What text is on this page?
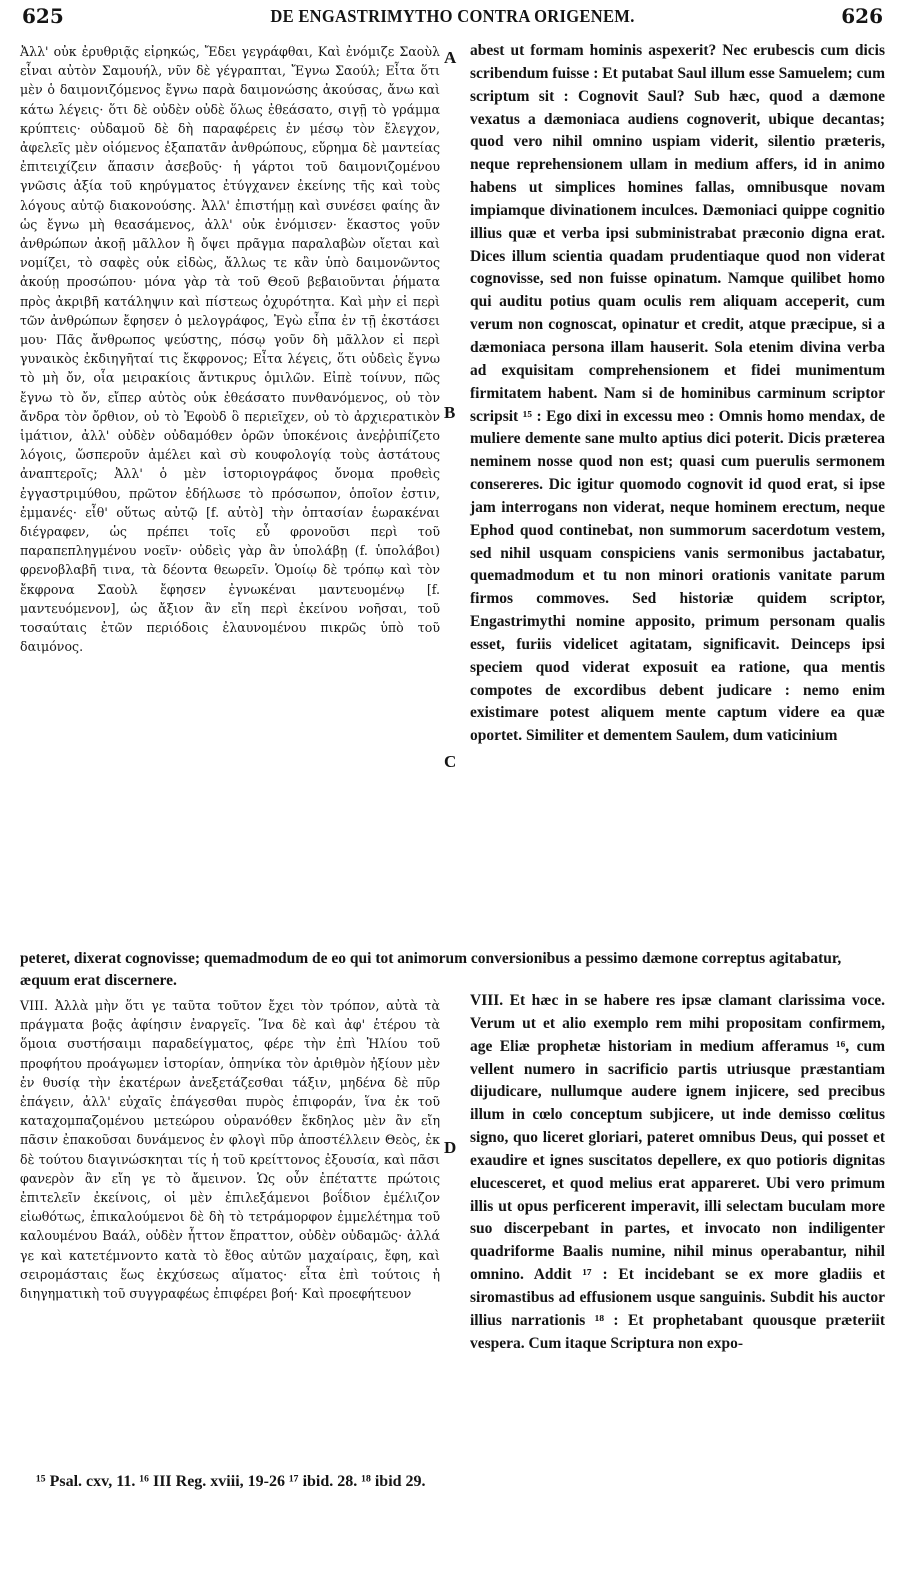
625	DE ENGASTRIMYTHO CONTRA ORIGENEM.	626

Ἀλλ' οὐκ ἐρυθριᾷς εἰρηκώς, Ἔδει γεγράφθαι, Καὶ ἐνόμιζε Σαοὺλ εἶναι αὐτὸν Σαμουήλ, νῦν δὲ γέγραπται, Ἔγνω Σαούλ; Εἶτα ὅτι μὲν ὁ δαιμονιζόμενος ἔγνω παρὰ δαιμονώσης ἀκούσας, ἄνω καὶ κάτω λέγεις· ὅτι δὲ οὐδὲν οὐδὲ ὅλως ἐθεάσατο, σιγῇ τὸ γράμμα κρύπτεις· οὐδαμοῦ δὲ δὴ παραφέρεις ἐν μέσῳ τὸν ἔλεγχον, ἀφελεῖς μὲν οἰόμενος ἐξαπατᾶν ἀνθρώπους, εὕρημα δὲ μαντείας ἐπιτειχίζειν ἅπασιν ἀσεβοῦς· ἡ γάρτοι τοῦ δαιμονιζομένου γνῶσις ἀξία τοῦ κηρύγματος ἐτύγχανεν ἐκείνης τῆς καὶ τοὺς λόγους αὐτῷ διακονούσης. Ἀλλ' ἐπιστήμῃ καὶ συνέσει φαίης ἂν ὡς ἔγνω μὴ θεασάμενος, ἀλλ' οὐκ ἐνόμισεν· ἕκαστος γοῦν ἀνθρώπων ἀκοῇ μᾶλλον ἢ ὄψει πρᾶγμα παραλαβὼν οἴεται καὶ νομίζει, τὸ σαφὲς οὐκ εἰδὼς, ἄλλως τε κἂν ὑπὸ δαιμονῶντος ἀκούῃ προσώπου· μόνα γὰρ τὰ τοῦ Θεοῦ βεβαιοῦνται ῥήματα πρὸς ἀκριβῆ κατάληψιν καὶ πίστεως ὀχυρότητα. Καὶ μὴν εἰ περὶ τῶν ἀνθρώπων ἔφησεν ὁ μελογράφος, Ἐγὼ εἶπα ἐν τῇ ἐκστάσει μου· Πᾶς ἄνθρωπος ψεύστης, πόσῳ γοῦν δὴ μᾶλλον εἰ περὶ γυναικὸς ἐκδιηγῆταί τις ἔκφρονος; Εἶτα λέγεις, ὅτι οὐδεὶς ἔγνω τὸ μὴ ὄν, οἷα μειρακίοις ἄντικρυς ὁμιλῶν. Εἰπὲ τοίνυν, πῶς ἔγνω τὸ ὄν, εἴπερ αὐτὸς οὐκ ἐθεάσατο πυνθανόμενος, οὐ τὸν ἄνδρα τὸν ὄρθιον, οὐ τὸ Ἐφοὺδ ὃ περιεῖχεν, οὐ τὸ ἀρχιερατικὸν ἱμάτιον, ἀλλ' οὐδὲν οὐδαμόθεν ὁρῶν ὑποκένοις ἀνεῤῥιπίζετο λόγοις, ὥσπεροῦν ἀμέλει καὶ σὺ κουφολογίᾳ τοὺς ἀστάτους ἀναπτεροῖς; Ἀλλ' ὁ μὲν ἱστοριογράφος ὄνομα προθεὶς ἐγγαστριμύθου, πρῶτον ἐδήλωσε τὸ πρόσωπον, ὁποῖον ἐστιν, ἐμμανές· εἶθ' οὕτως αὐτῷ [f. αὐτὸ] τὴν ὀπτασίαν ἑωρακέναι διέγραφεν, ὡς πρέπει τοῖς εὖ φρονοῦσι περὶ τοῦ παραπεπληγμένου νοεῖν· οὐδεὶς γὰρ ἂν ὑπολάβῃ (f. ὑπολάβοι) φρενοβλαβῆ τινα, τὰ δέοντα θεωρεῖν. Ὁμοίῳ δὲ τρόπῳ καὶ τὸν ἔκφρονα Σαοὺλ ἔφησεν ἐγνωκέναι μαντευομένῳ [f. μαντευόμενον], ὡς ἄξιον ἂν εἴη περὶ ἐκείνου νοῆσαι, τοῦ τοσαύταις ἐτῶν περιόδοις ἐλαυνομένου πικρῶς ὑπὸ τοῦ δαιμόνος.

abest ut formam hominis aspexerit? Nec erubescis cum dicis scribendum fuisse : Et putabat Saul illum esse Samuelem; cum scriptum sit : Cognovit Saul? Sub hæc, quod a dæmone vexatus a dæmoniaca audiens cognoverit, ubique decantas; quod vero nihil omnino uspiam viderit, silentio præteris, neque reprehensionem ullam in medium affers, id in animo habens ut simplices homines fallas, omnibusque novam impiamque divinationem inculces. Dæmoniaci quippe cognitio illius quæ et verba ipsi subministrabat præconio digna erat. Dices illum scientia quadam prudentiaque quod non viderat cognovisse, sed non fuisse opinatum. Namque quilibet homo qui auditu potius quam oculis rem aliquam acceperit, cum verum non cognoscat, opinatur et credit, atque præcipue, si a dæmoniaca persona illam hauserit. Sola etenim divina verba ad exquisitam comprehensionem et fidei munimentum firmitatem habent. Nam si de hominibus carminum scriptor scripsit ¹⁵ : Ego dixi in excessu meo : Omnis homo mendax, de muliere demente sane multo aptius dici poterit. Dicis præterea neminem nosse quod non est; quasi cum puerulis sermonem consereres. Dic igitur quomodo cognovit id quod erat, si ipse jam interrogans non viderat, neque hominem erectum, neque Ephod quod continebat, non summorum sacerdotum vestem, sed nihil usquam conspiciens vanis sermonibus jactabatur, quemadmodum et tu non minori orationis vanitate parum firmos commoves. Sed historiæ quidem scriptor, Engastrimythi nomine apposito, primum personam qualis esset, furiis videlicet agitatam, significavit. Deinceps ipsi speciem quod viderat exposuit ea ratione, qua mentis compotes de excordibus debent judicare : nemo enim existimare potest aliquem mente captum videre ea quæ oportet. Similiter et dementem Saulem, dum vaticinium

A
B
C
D
peteret, dixerat cognovisse; quemadmodum de eo qui tot animorum conversionibus a pessimo dæmone correptus agitabatur, æquum erat discernere.

VIII. Ἀλλὰ μὴν ὅτι γε ταῦτα τοῦτον ἔχει τὸν τρόπον, αὐτὰ τὰ πράγματα βοᾷς ἀφίησιν ἐναργεῖς. Ἵνα δὲ καὶ ἀφ' ἑτέρου τὰ ὅμοια συστήσαιμι παραδείγματος, φέρε τὴν ἐπὶ Ἡλίου τοῦ προφήτου προάγωμεν ἱστορίαν, ὁπηνίκα τὸν ἀριθμὸν ἠξίουν μὲν ἐν θυσίᾳ τὴν ἑκατέρων ἀνεξετάζεσθαι τάξιν, μηδένα δὲ πῦρ ἐπάγειν, ἀλλ' εὐχαῖς ἐπάγεσθαι πυρὸς ἐπιφοράν, ἵνα ἐκ τοῦ καταχομπαζομένου μετεώρου οὐρανόθεν ἔκδηλος μὲν ἂν εἴη πᾶσιν ἐπακοῦσαι δυνάμενος ἐν φλογὶ πῦρ ἀποστέλλειν Θεὸς, ἐκ δὲ τούτου διαγινώσκηται τίς ἡ τοῦ κρείττονος ἐξουσία, καὶ πᾶσι φανερὸν ἂν εἴη γε τὸ ἄμεινον. Ὡς οὖν ἐπέταττε πρώτοις ἐπιτελεῖν ἐκείνοις, οἱ μὲν ἐπιλεξάμενοι βοΐδιον ἐμέλιζον εἰωθότως, ἐπικαλούμενοι δὲ δὴ τὸ τετράμορφον ἐμμελέτημα τοῦ καλουμένου Βαάλ, οὐδὲν ἧττον ἔπραττον, οὐδὲν οὐδαμῶς· ἀλλά γε καὶ κατετέμνοντο κατὰ τὸ ἔθος αὐτῶν μαχαίραις, ἔφη, καὶ σειρομάσταις ἕως ἐκχύσεως αἵματος· εἶτα ἐπὶ τούτοις ἡ διηγηματικὴ τοῦ συγγραφέως ἐπιφέρει βοή· Καὶ προεφήτευον

VIII. Et hæc in se habere res ipsæ clamant clarissima voce. Verum ut et alio exemplo rem mihi propositam confirmem, age Eliæ prophetæ historiam in medium afferamus ¹⁶, cum vellent numero in sacrificio partis utriusque præstantiam dijudicare, nullumque audere ignem injicere, sed precibus illum in cœlo conceptum subjicere, ut inde demisso cœlitus signo, quo liceret gloriari, pateret omnibus Deus, qui posset et exaudire et ignes suscitatos depellere, ex quo potioris dignitas elucesceret, et quod melius erat appareret. Ubi vero primum illis ut opus perficerent imperavit, illi selectam buculam more suo discerpebant in partes, et invocato non indiligenter quadriforme Baalis numine, nihil minus operabantur, nihil omnino. Addit ¹⁷ : Et incidebant se ex more gladiis et siromastibus ad effusionem usque sanguinis. Subdit his auctor illius narrationis ¹⁸ : Et prophetabant quousque præteriit vespera. Cum itaque Scriptura non expo-

¹⁵ Psal. cxv, 11. ¹⁶ III Reg. xviii, 19-26 ¹⁷ ibid. 28. ¹⁸ ibid 29.
